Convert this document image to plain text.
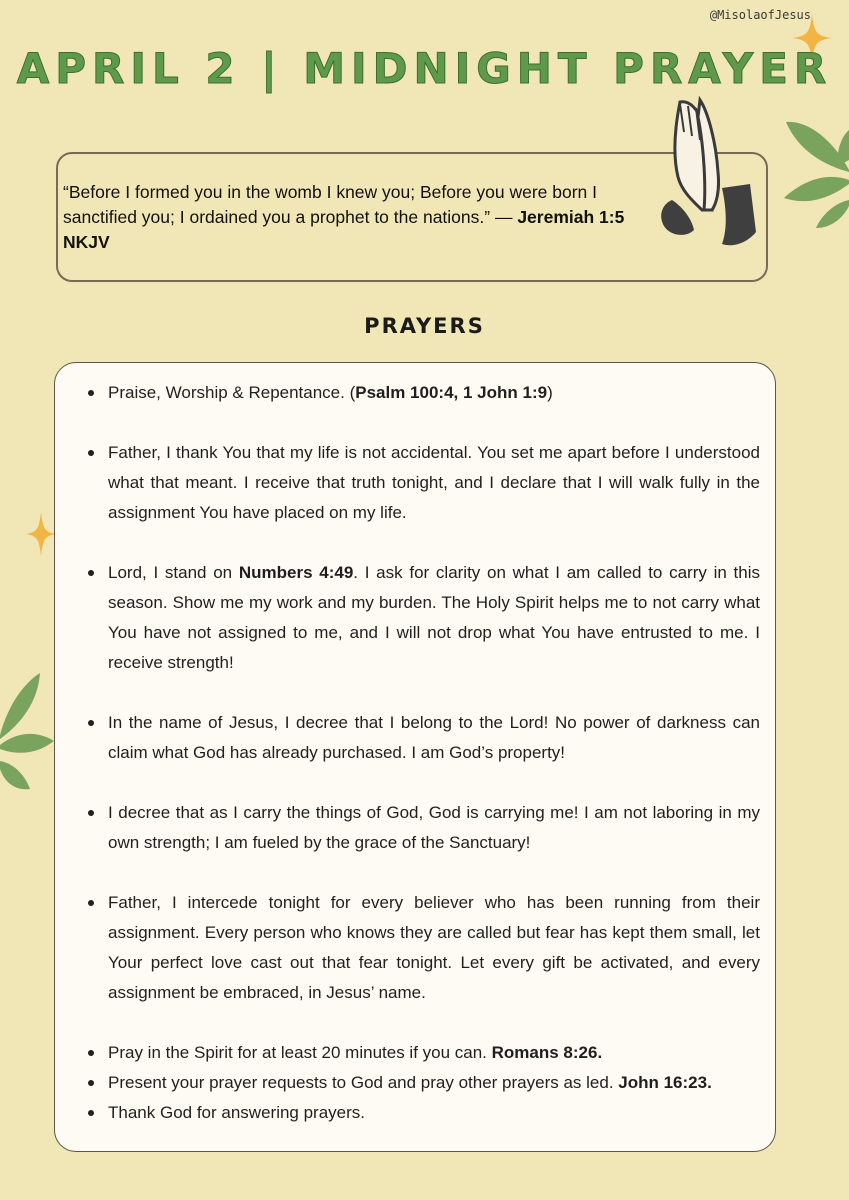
@MisolaofJesus
APRIL 2 | MIDNIGHT PRAYER
“Before I formed you in the womb I knew you; Before you were born I sanctified you; I ordained you a prophet to the nations.” — Jeremiah 1:5 NKJV
PRAYERS
Praise, Worship & Repentance. (Psalm 100:4, 1 John 1:9)
Father, I thank You that my life is not accidental. You set me apart before I understood what that meant. I receive that truth tonight, and I declare that I will walk fully in the assignment You have placed on my life.
Lord, I stand on Numbers 4:49. I ask for clarity on what I am called to carry in this season. Show me my work and my burden. The Holy Spirit helps me to not carry what You have not assigned to me, and I will not drop what You have entrusted to me. I receive strength!
In the name of Jesus, I decree that I belong to the Lord! No power of darkness can claim what God has already purchased. I am God’s property!
I decree that as I carry the things of God, God is carrying me! I am not laboring in my own strength; I am fueled by the grace of the Sanctuary!
Father, I intercede tonight for every believer who has been running from their assignment. Every person who knows they are called but fear has kept them small, let Your perfect love cast out that fear tonight. Let every gift be activated, and every assignment be embraced, in Jesus’ name.
Pray in the Spirit for at least 20 minutes if you can. Romans 8:26.
Present your prayer requests to God and pray other prayers as led. John 16:23.
Thank God for answering prayers.
